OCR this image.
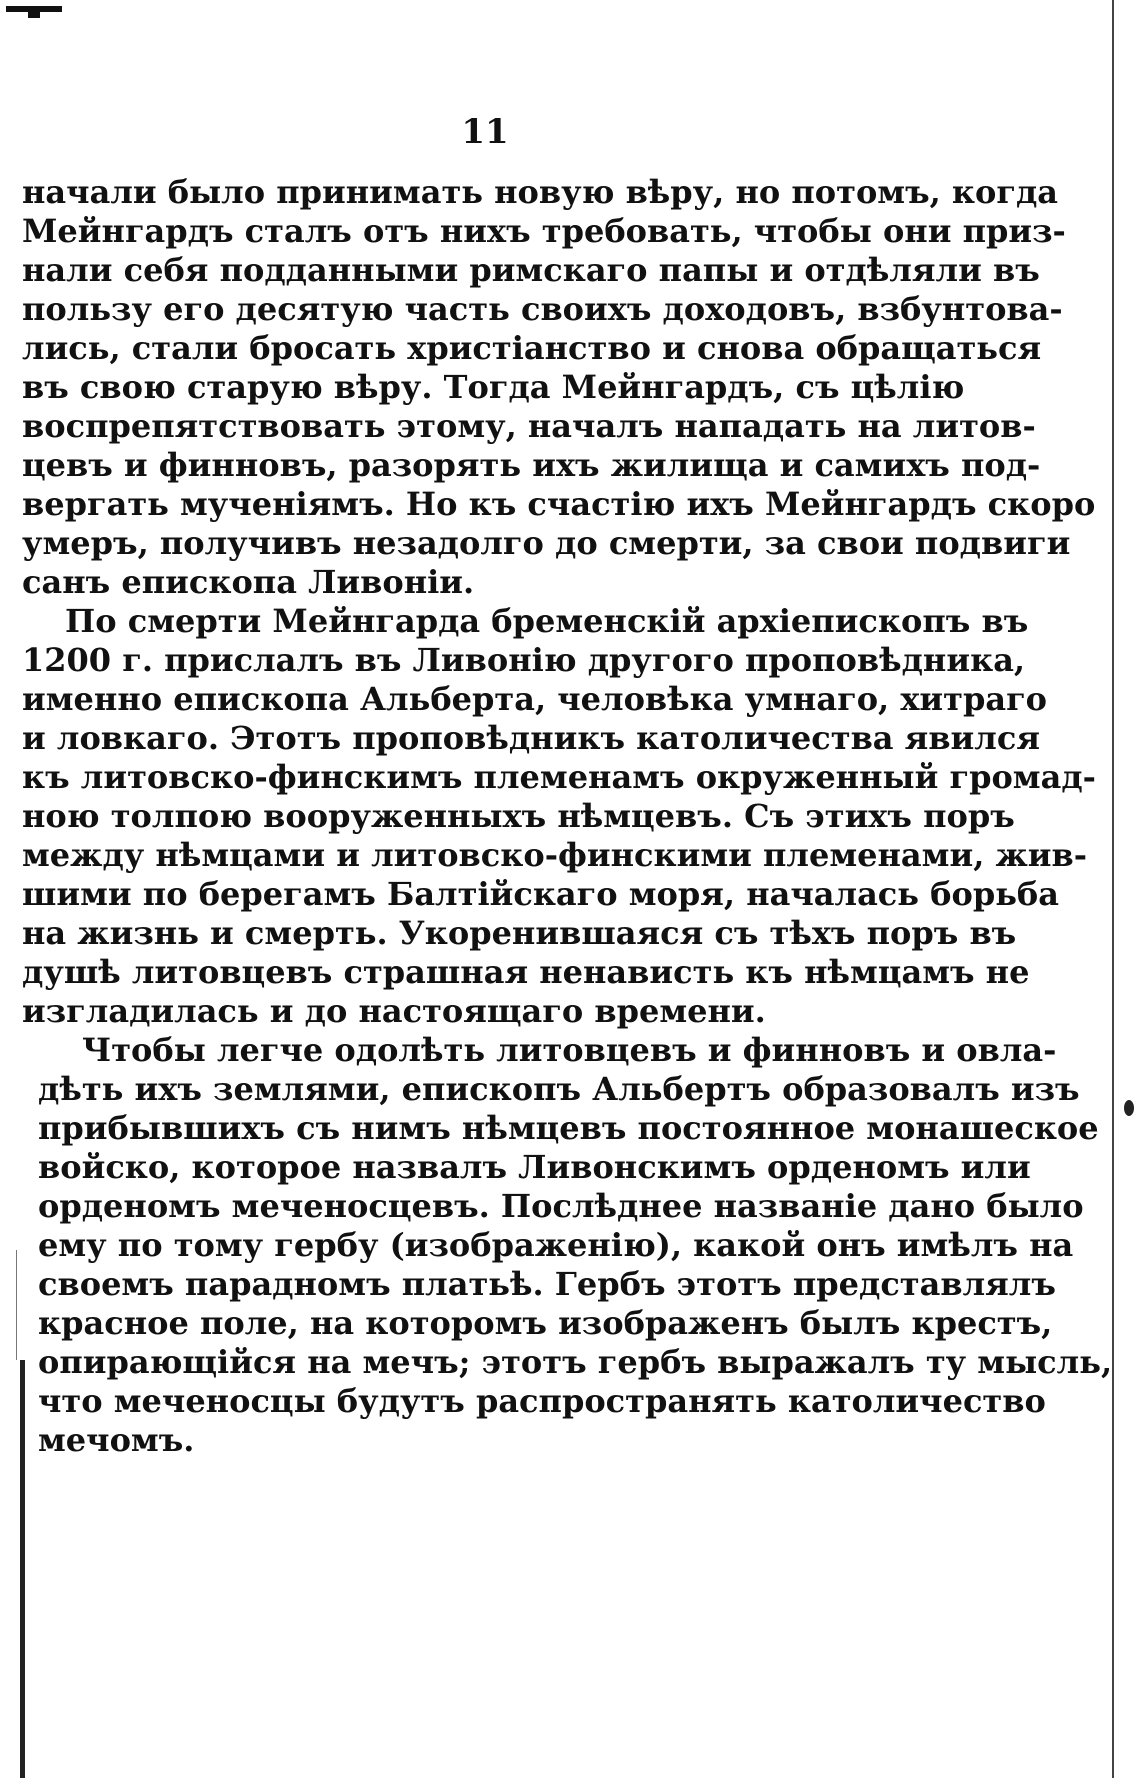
11
начали было принимать новую вѣру, но потомъ, когда
Мейнгардъ сталъ отъ нихъ требовать, чтобы они приз-
нали себя подданными римскаго папы и отдѣляли въ
пользу его десятую часть своихъ доходовъ, взбунтова-
лись, стали бросать христіанство и снова обращаться
въ свою старую вѣру. Тогда Мейнгардъ, съ цѣлію
воспрепятствовать этому, началъ нападать на литов-
цевъ и финновъ, разорять ихъ жилища и самихъ под-
вергать мученіямъ. Но къ счастію ихъ Мейнгардъ скоро
умеръ, получивъ незадолго до смерти, за свои подвиги
санъ епископа Ливоніи.
По смерти Мейнгарда бременскій архіепископъ въ
1200 г. прислалъ въ Ливонію другого проповѣдника,
именно епископа Альберта, человѣка умнаго, хитраго
и ловкаго. Этотъ проповѣдникъ католичества явился
къ литовско-финскимъ племенамъ окруженный громад-
ною толпою вооруженныхъ нѣмцевъ. Съ этихъ поръ
между нѣмцами и литовско-финскими племенами, жив-
шими по берегамъ Балтійскаго моря, началась борьба
на жизнь и смерть. Укоренившаяся съ тѣхъ поръ въ
душѣ литовцевъ страшная ненависть къ нѣмцамъ не
изгладилась и до настоящаго времени.
Чтобы легче одолѣть литовцевъ и финновъ и овла-
дѣть ихъ землями, епископъ Альбертъ образовалъ изъ
прибывшихъ съ нимъ нѣмцевъ постоянное монашеское
войско, которое назвалъ Ливонскимъ орденомъ или
орденомъ меченосцевъ. Послѣднее названіе дано было
ему по тому гербу (изображенію), какой онъ имѣлъ на
своемъ парадномъ платьѣ. Гербъ этотъ представлялъ
красное поле, на которомъ изображенъ былъ крестъ,
опирающійся на мечъ; этотъ гербъ выражалъ ту мысль,
что меченосцы будутъ распространять католичество
мечомъ.
